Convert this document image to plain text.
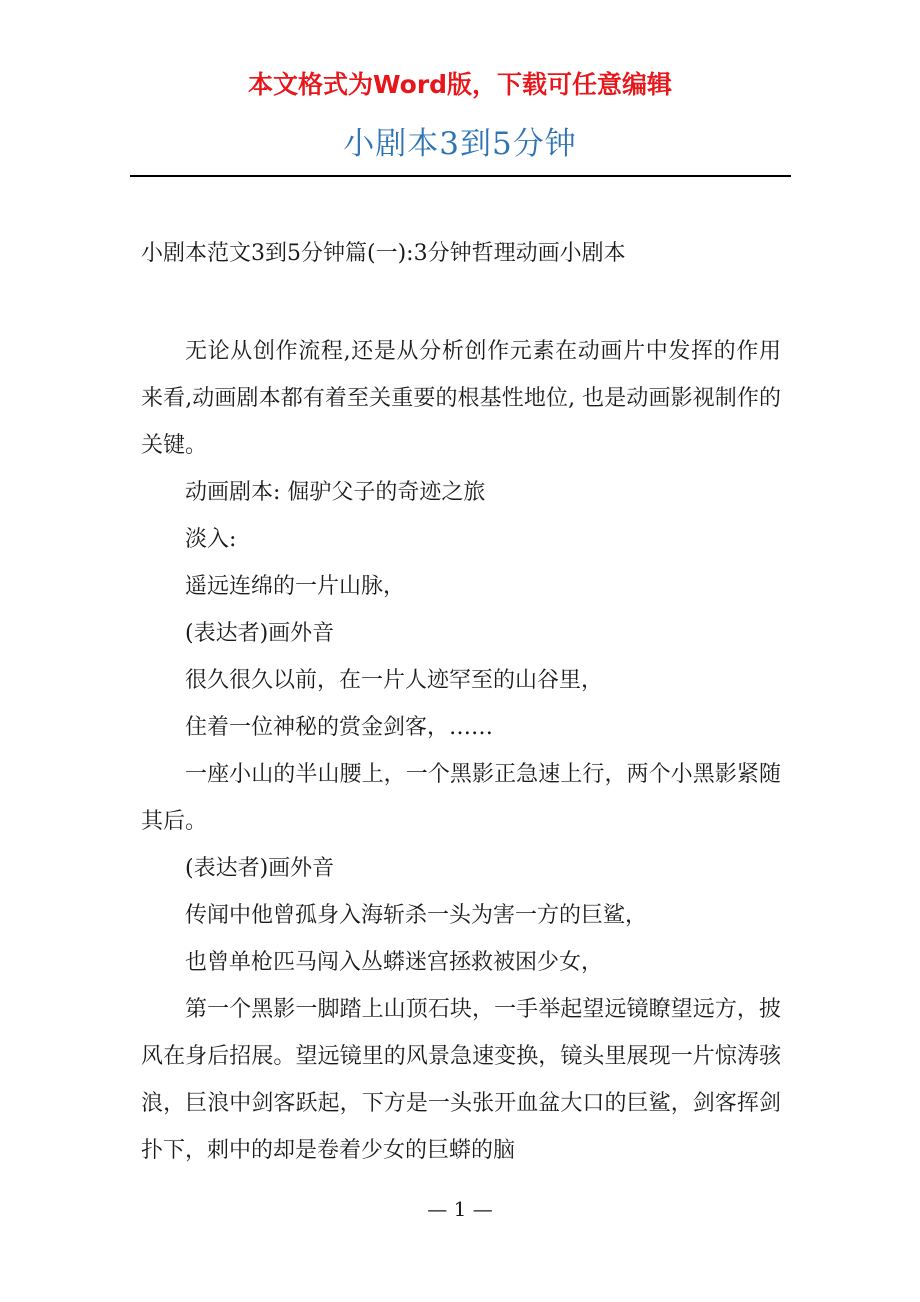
本文格式为Word版，下载可任意编辑
小剧本3到5分钟
小剧本范文3到5分钟篇(一):3分钟哲理动画小剧本

无论从创作流程,还是从分析创作元素在动画片中发挥的作用来看,动画剧本都有着至关重要的根基性地位, 也是动画影视制作的关键。

动画剧本: 倔驴父子的奇迹之旅

淡入:

遥远连绵的一片山脉，

(表达者)画外音

很久很久以前，在一片人迹罕至的山谷里，

住着一位神秘的赏金剑客，……

一座小山的半山腰上，一个黑影正急速上行，两个小黑影紧随其后。

(表达者)画外音

传闻中他曾孤身入海斩杀一头为害一方的巨鲨，

也曾单枪匹马闯入丛蟒迷宫拯救被困少女，

第一个黑影一脚踏上山顶石块，一手举起望远镜瞭望远方，披风在身后招展。望远镜里的风景急速变换，镜头里展现一片惊涛骇浪，巨浪中剑客跃起，下方是一头张开血盆大口的巨鲨，剑客挥剑扑下，刺中的却是卷着少女的巨蟒的脑

— 1 —
